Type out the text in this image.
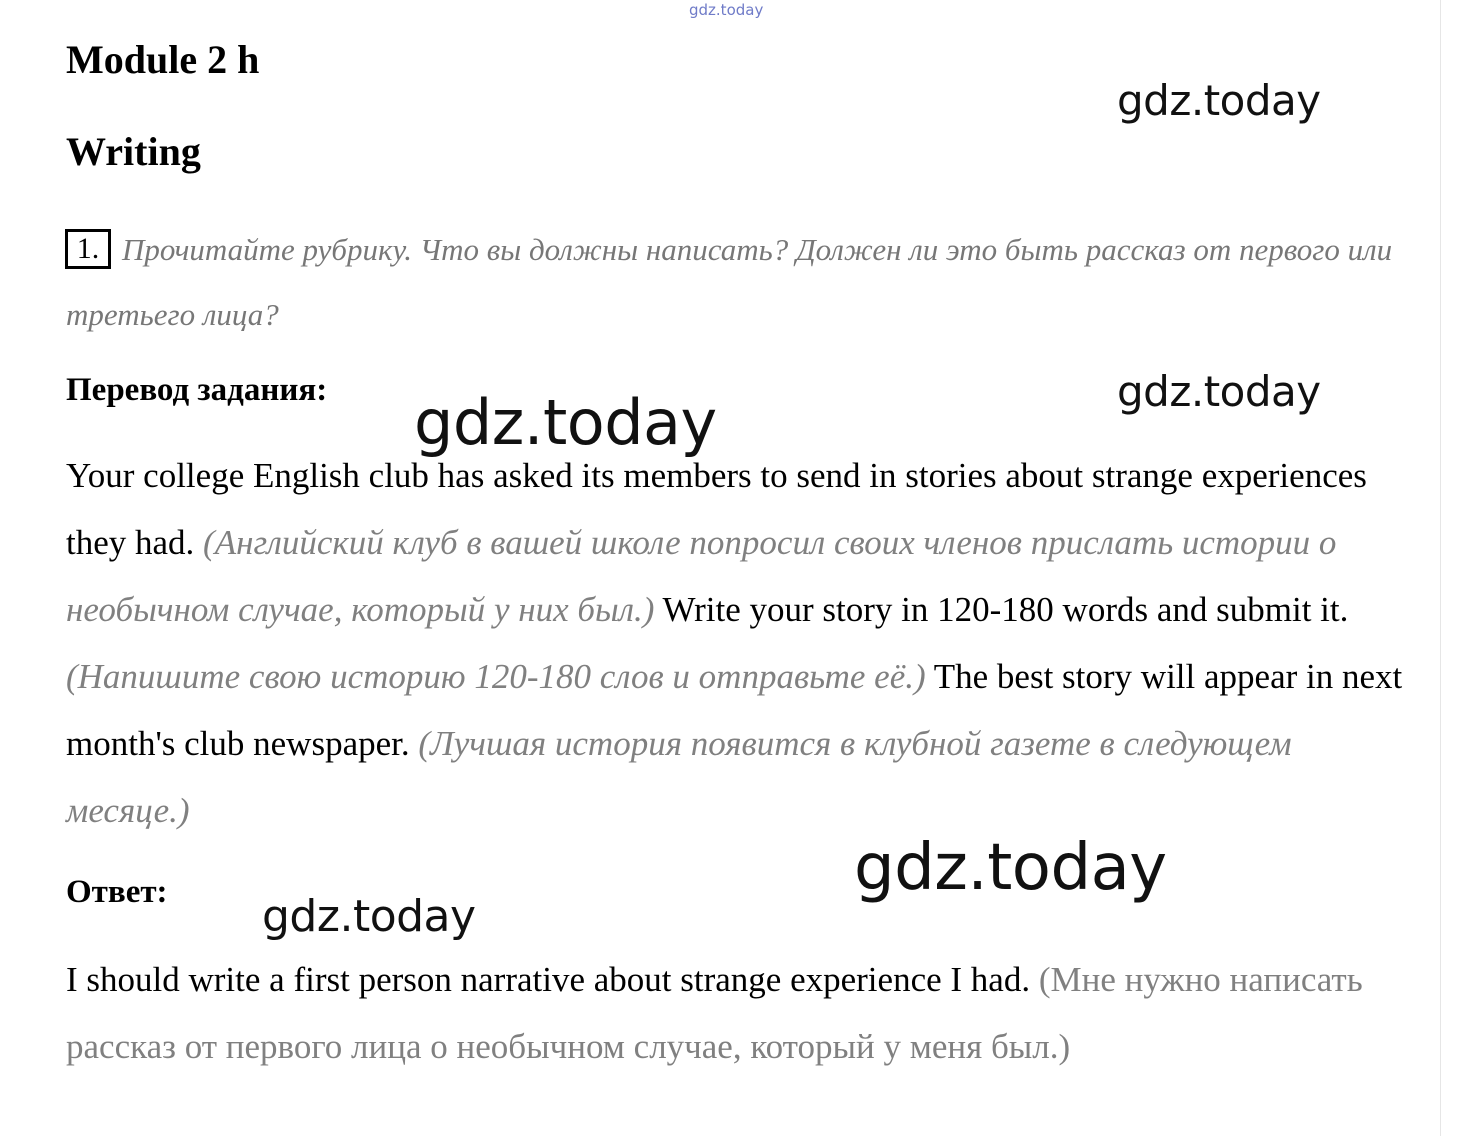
Module 2 h
Writing
1. Прочитайте рубрику. Что вы должны написать? Должен ли это быть рассказ от первого или третьего лица?
Перевод задания:
Your college English club has asked its members to send in stories about strange experiences they had. (Английский клуб в вашей школе попросил своих членов прислать истории о необычном случае, который у них был.) Write your story in 120-180 words and submit it. (Напишите свою историю 120-180 слов и отправьте её.) The best story will appear in next month's club newspaper. (Лучшая история появится в клубной газете в следующем месяце.)
Ответ:
I should write a first person narrative about strange experience I had. (Мне нужно написать рассказ от первого лица о необычном случае, который у меня был.)
gdz.today
gdz.today
gdz.today
gdz.today
gdz.today
gdz.today
